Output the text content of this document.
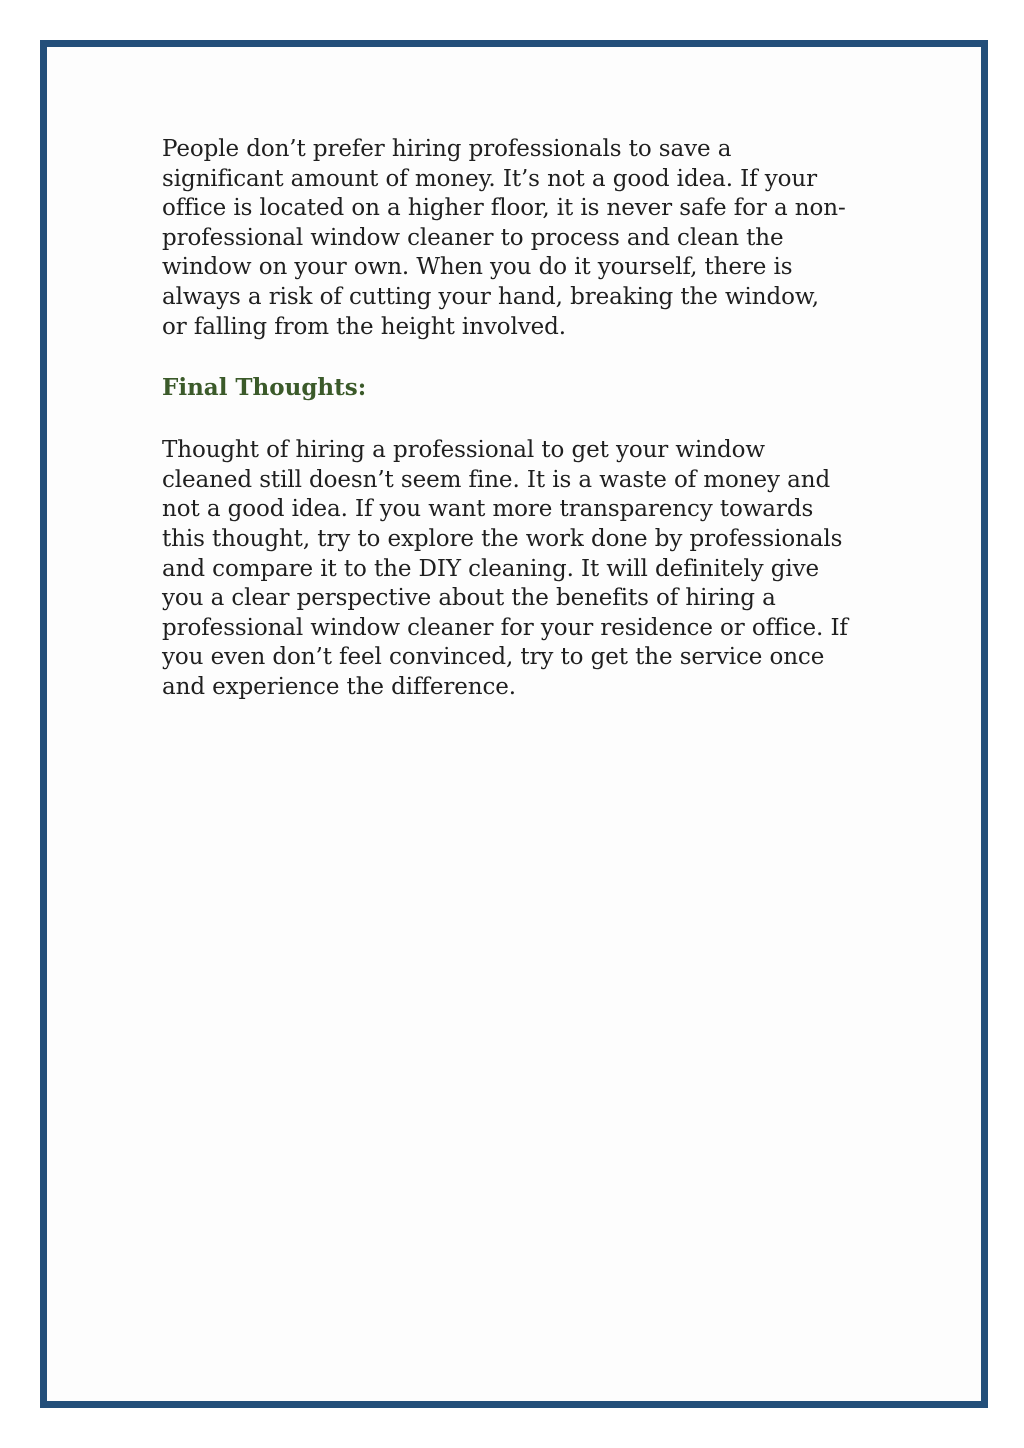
People don’t prefer hiring professionals to save a
significant amount of money. It’s not a good idea. If your
office is located on a higher floor, it is never safe for a non-
professional window cleaner to process and clean the
window on your own. When you do it yourself, there is
always a risk of cutting your hand, breaking the window,
or falling from the height involved.

Final Thoughts:

Thought of hiring a professional to get your window
cleaned still doesn’t seem fine. It is a waste of money and
not a good idea. If you want more transparency towards
this thought, try to explore the work done by professionals
and compare it to the DIY cleaning. It will definitely give
you a clear perspective about the benefits of hiring a
professional window cleaner for your residence or office. If
you even don’t feel convinced, try to get the service once
and experience the difference.
